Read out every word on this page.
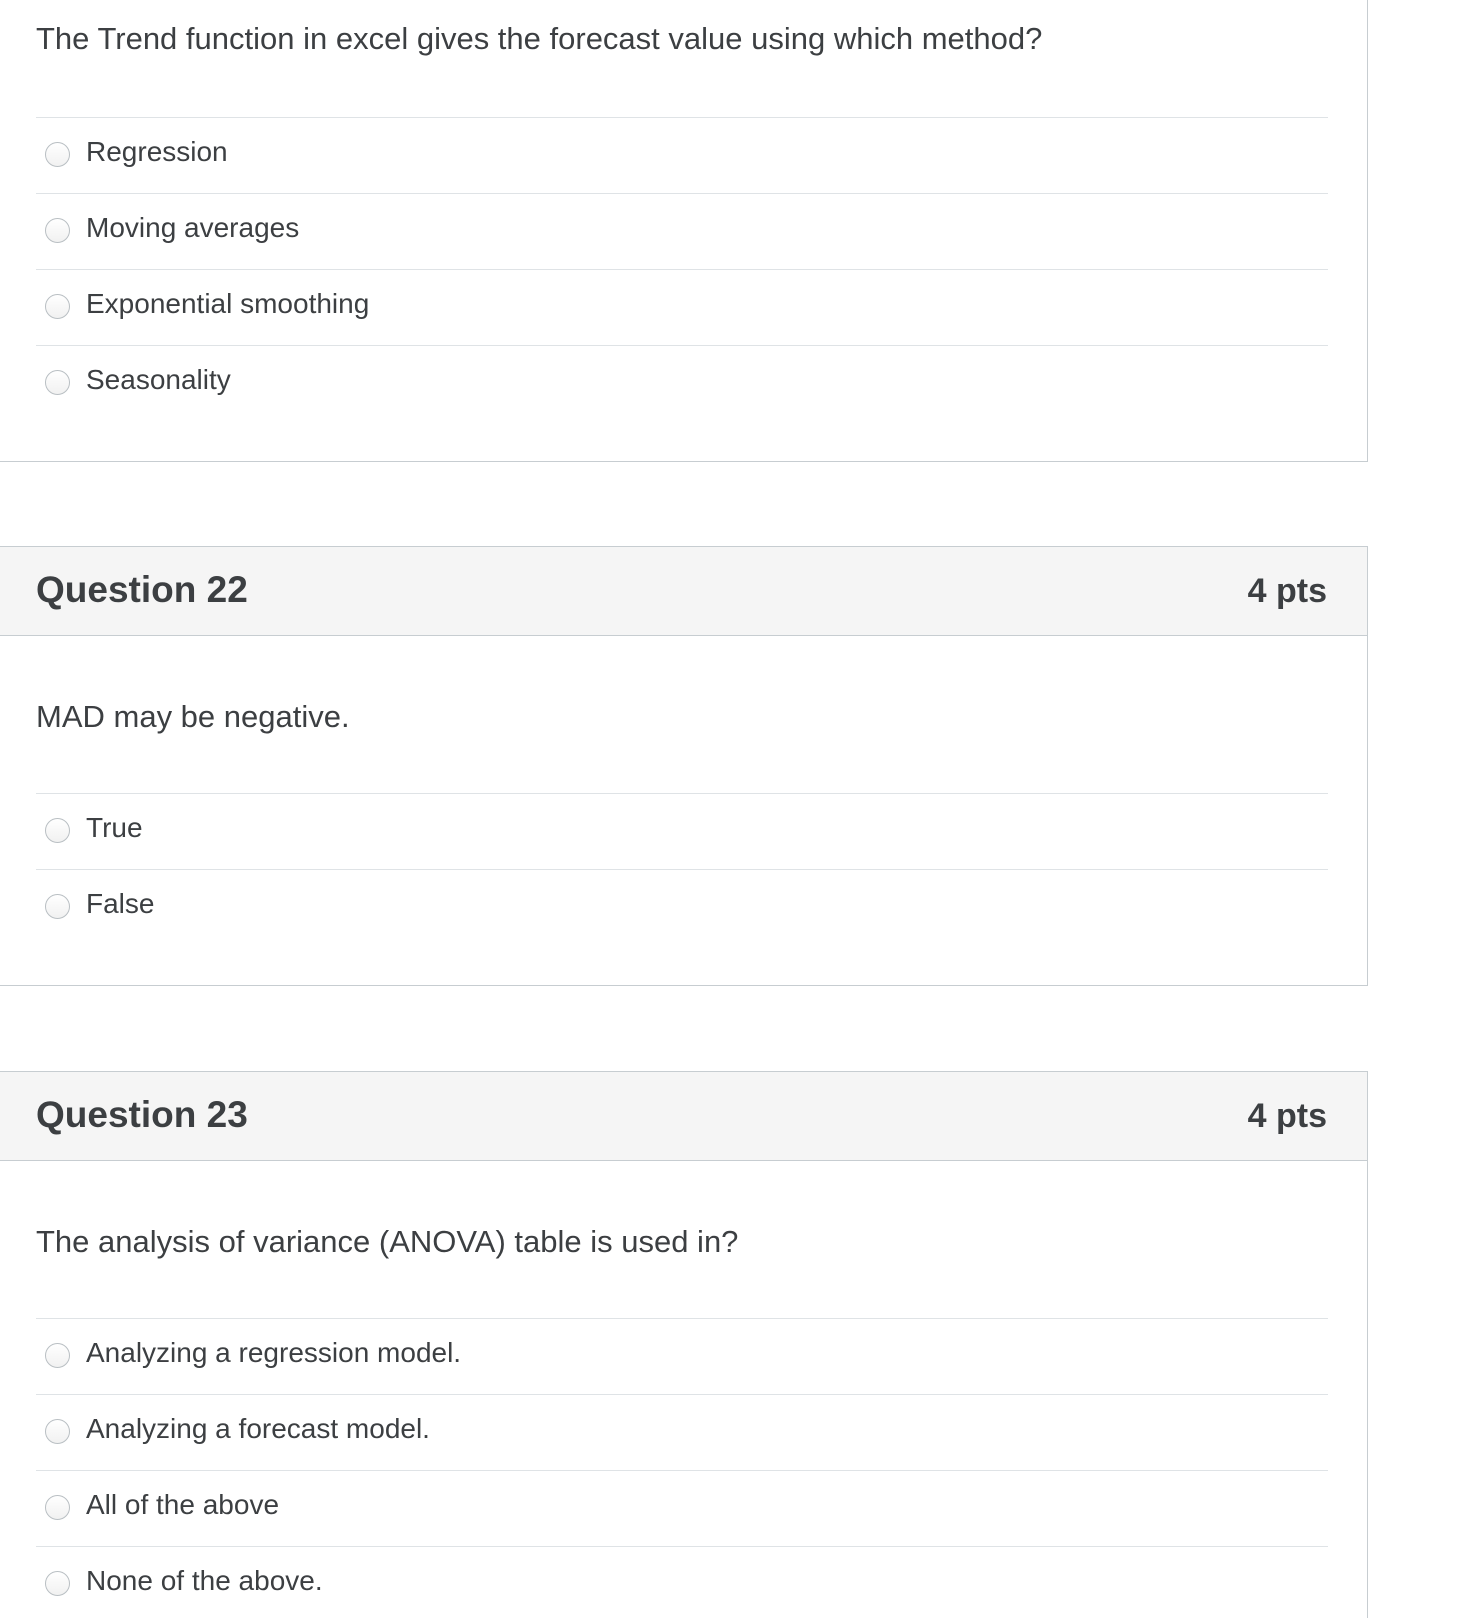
The Trend function in excel gives the forecast value using which method?
Regression
Moving averages
Exponential smoothing
Seasonality
Question 22	4 pts
MAD may be negative.
True
False
Question 23	4 pts
The analysis of variance (ANOVA) table is used in?
Analyzing a regression model.
Analyzing a forecast model.
All of the above
None of the above.
